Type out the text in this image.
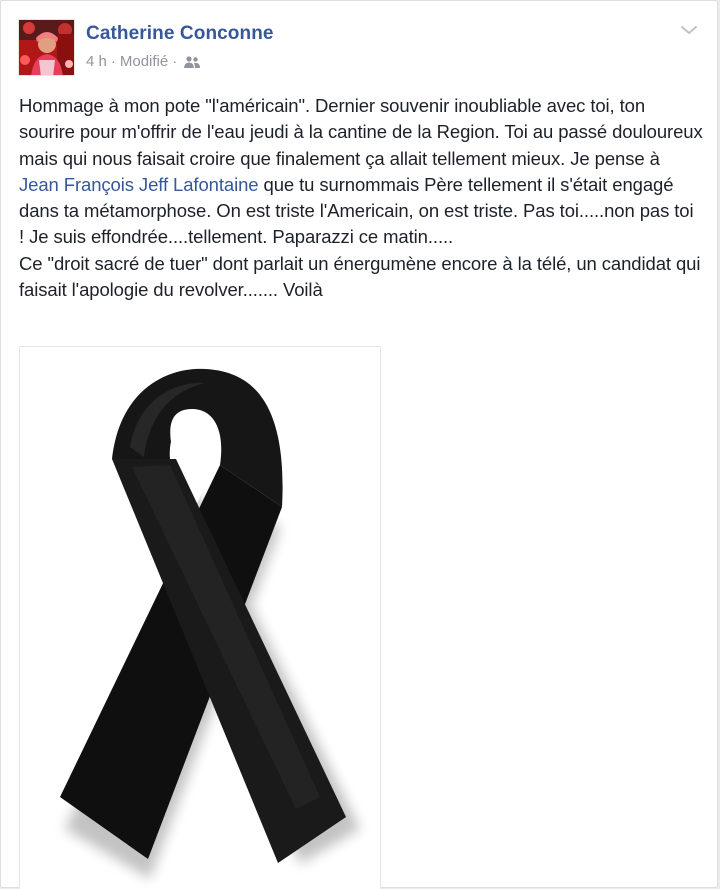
Catherine Conconne
4 h · Modifié ·

Hommage à mon pote "l'américain". Dernier souvenir inoubliable avec toi, ton sourire pour m'offrir de l'eau jeudi à la cantine de la Region. Toi au passé douloureux mais qui nous faisait croire que finalement ça allait tellement mieux. Je pense à Jean François Jeff Lafontaine que tu surnommais Père tellement il s'était engagé dans ta métamorphose. On est triste l'Americain, on est triste. Pas toi.....non pas toi ! Je suis effondrée....tellement. Paparazzi ce matin.....

Ce "droit sacré de tuer" dont parlait un énergumène encore à la télé, un candidat qui faisait l'apologie du revolver....... Voilà
